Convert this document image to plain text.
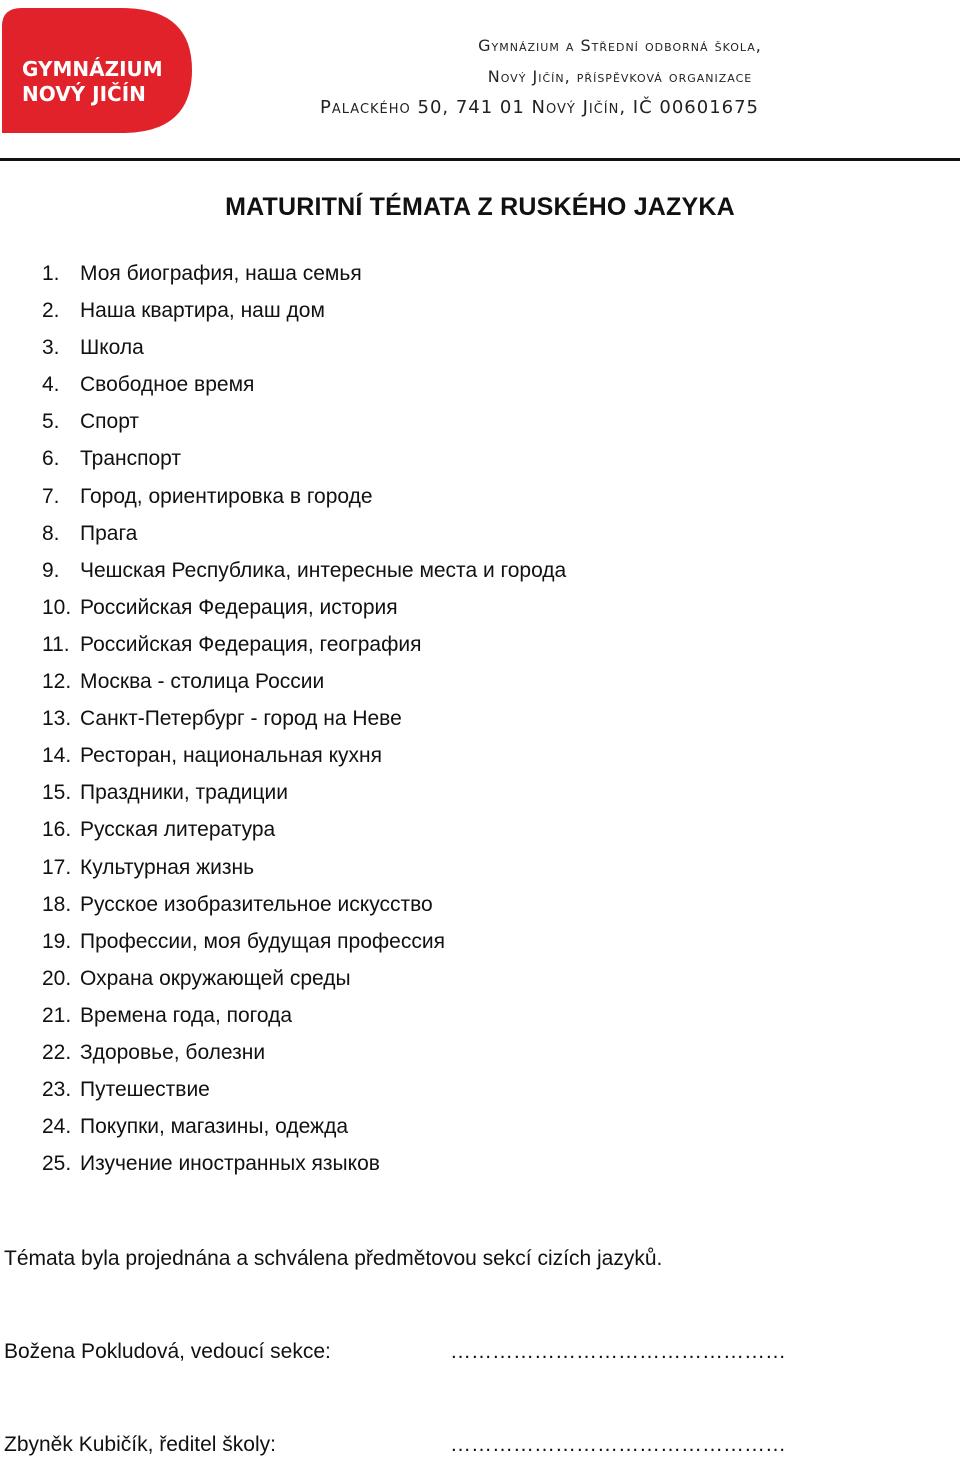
GYMNÁZIUM
NOVÝ JIČÍN
Gymnázium a Střední odborná škola,
Nový Jičín, příspěvková organizace
Palackého 50, 741 01 Nový Jičín, IČ 00601675
MATURITNÍ TÉMATA Z RUSKÉHO JAZYKA
1. Моя биография, наша семья
2. Наша квартира, наш дом
3. Школа
4. Свободное время
5. Спорт
6. Транспорт
7. Город, ориентировка в городе
8. Прага
9. Чешская Республика, интересные места и города
10. Российская Федерация, история
11. Российская Федерация, география
12. Москва - столица России
13. Санкт-Петербург - город на Неве
14. Ресторан, национальная кухня
15. Праздники, традиции
16. Русская литература
17. Культурная жизнь
18. Русское изобразительное искусство
19. Профессии, моя будущая профессия
20. Охрана окружающей среды
21. Времена года, погода
22. Здоровье, болезни
23. Путешествие
24. Покупки, магазины, одежда
25. Изучение иностранных языков
Témata byla projednána a schválena předmětovou sekcí cizích jazyků.
Božena Pokludová, vedoucí sekce:	…………………………………………
Zbyněk Kubičík, ředitel školy:	…………………………………………
